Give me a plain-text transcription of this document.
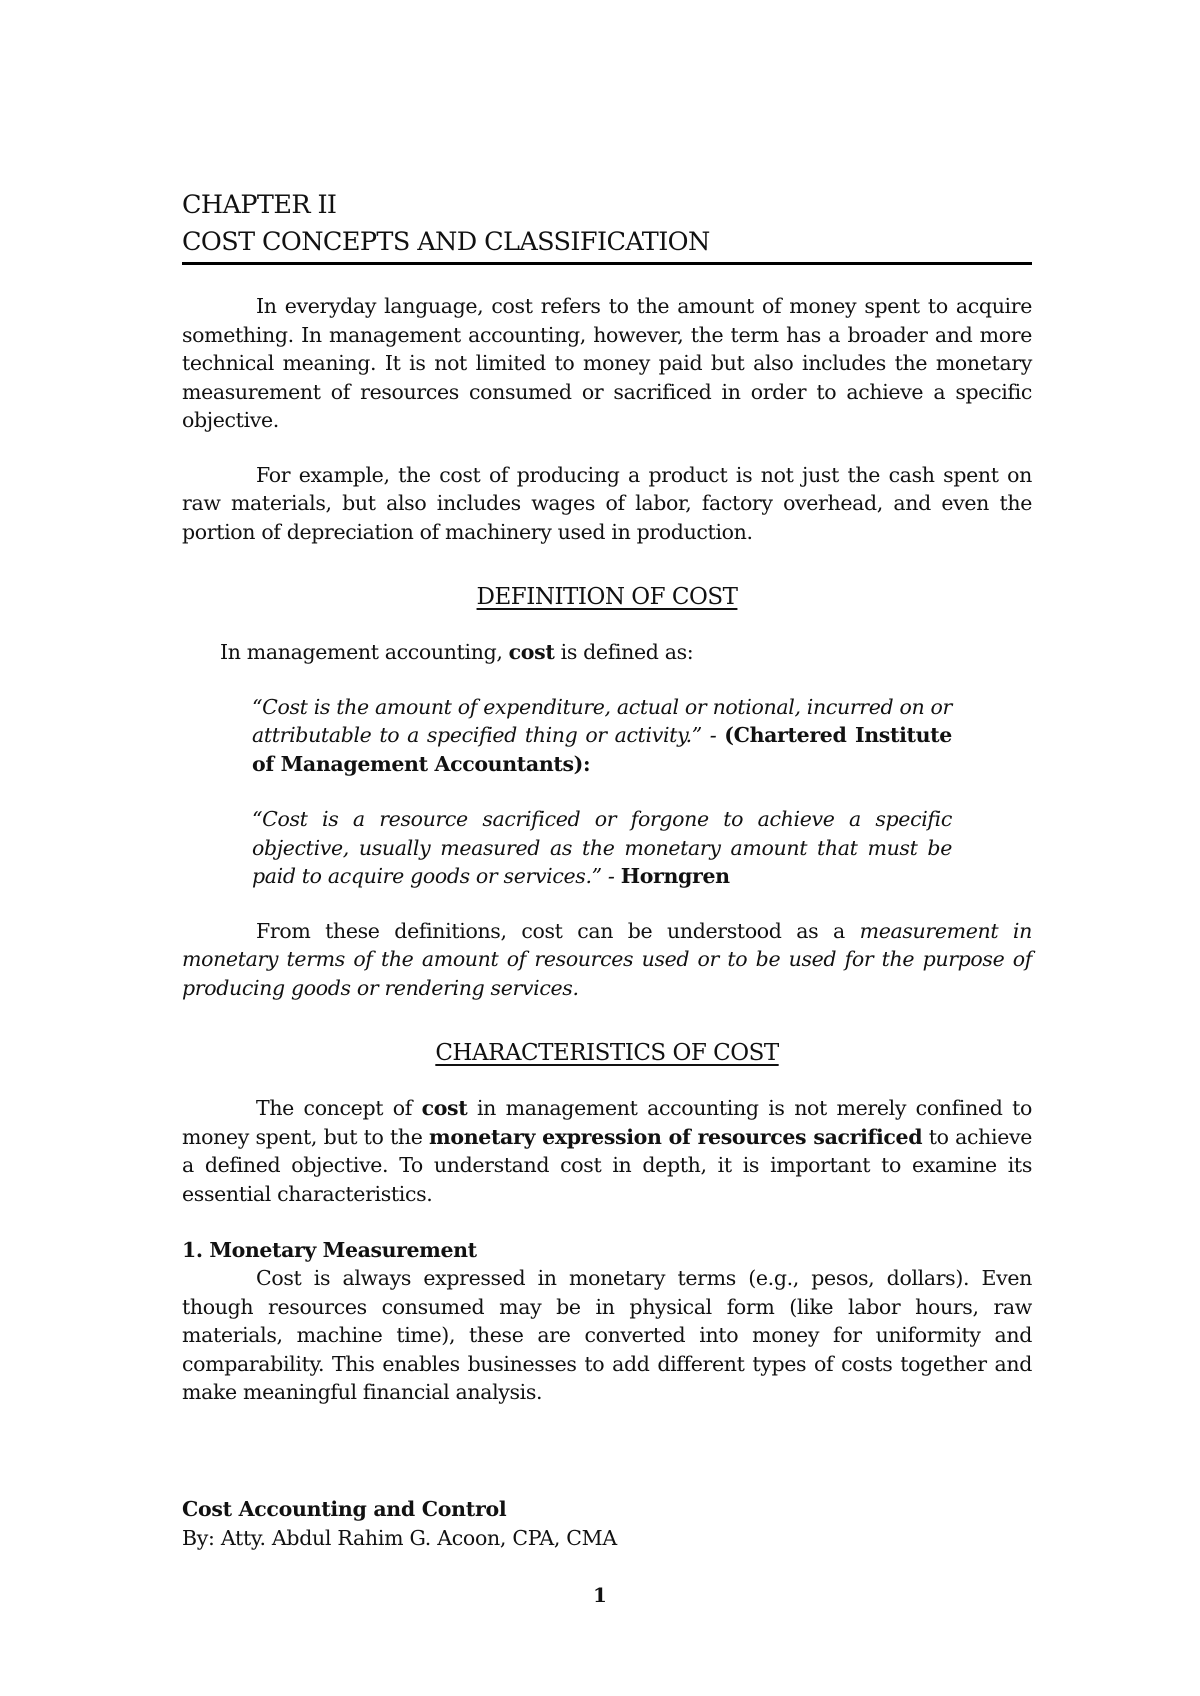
CHAPTER II
COST CONCEPTS AND CLASSIFICATION

In everyday language, cost refers to the amount of money spent to acquire something. In management accounting, however, the term has a broader and more technical meaning. It is not limited to money paid but also includes the monetary measurement of resources consumed or sacrificed in order to achieve a specific objective.

For example, the cost of producing a product is not just the cash spent on raw materials, but also includes wages of labor, factory overhead, and even the portion of depreciation of machinery used in production.

DEFINITION OF COST

In management accounting, cost is defined as:

“Cost is the amount of expenditure, actual or notional, incurred on or attributable to a specified thing or activity.” - (Chartered Institute of Management Accountants):

“Cost is a resource sacrificed or forgone to achieve a specific objective, usually measured as the monetary amount that must be paid to acquire goods or services.” - Horngren

From these definitions, cost can be understood as a measurement in monetary terms of the amount of resources used or to be used for the purpose of producing goods or rendering services.

CHARACTERISTICS OF COST

The concept of cost in management accounting is not merely confined to money spent, but to the monetary expression of resources sacrificed to achieve a defined objective. To understand cost in depth, it is important to examine its essential characteristics.

1. Monetary Measurement

Cost is always expressed in monetary terms (e.g., pesos, dollars). Even though resources consumed may be in physical form (like labor hours, raw materials, machine time), these are converted into money for uniformity and comparability. This enables businesses to add different types of costs together and make meaningful financial analysis.

Cost Accounting and Control
By: Atty. Abdul Rahim G. Acoon, CPA, CMA
1
